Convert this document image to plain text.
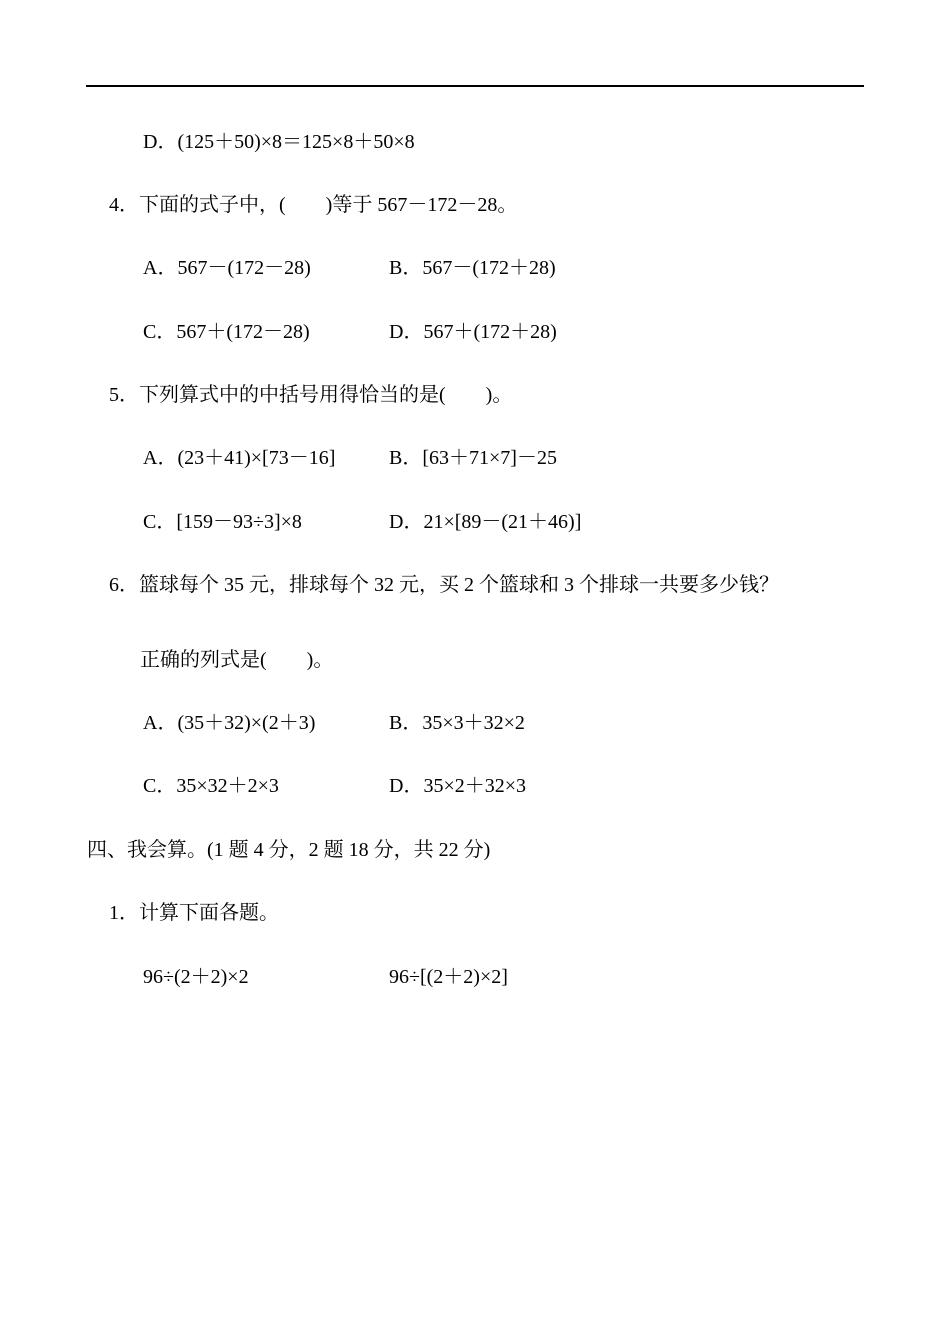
D．(125＋50)×8＝125×8＋50×8
4．下面的式子中，(　　)等于 567－172－28。
A．567－(172－28)	B．567－(172＋28)
C．567＋(172－28)	D．567＋(172＋28)
5．下列算式中的中括号用得恰当的是(　　)。
A．(23＋41)×[73－16]	B．[63＋71×7]－25
C．[159－93÷3]×8	D．21×[89－(21＋46)]
6．篮球每个 35 元，排球每个 32 元，买 2 个篮球和 3 个排球一共要多少钱？
正确的列式是(　　)。
A．(35＋32)×(2＋3)	B．35×3＋32×2
C．35×32＋2×3	D．35×2＋32×3
四、我会算。(1 题 4 分，2 题 18 分，共 22 分)
1．计算下面各题。
96÷(2＋2)×2	96÷[(2＋2)×2]
